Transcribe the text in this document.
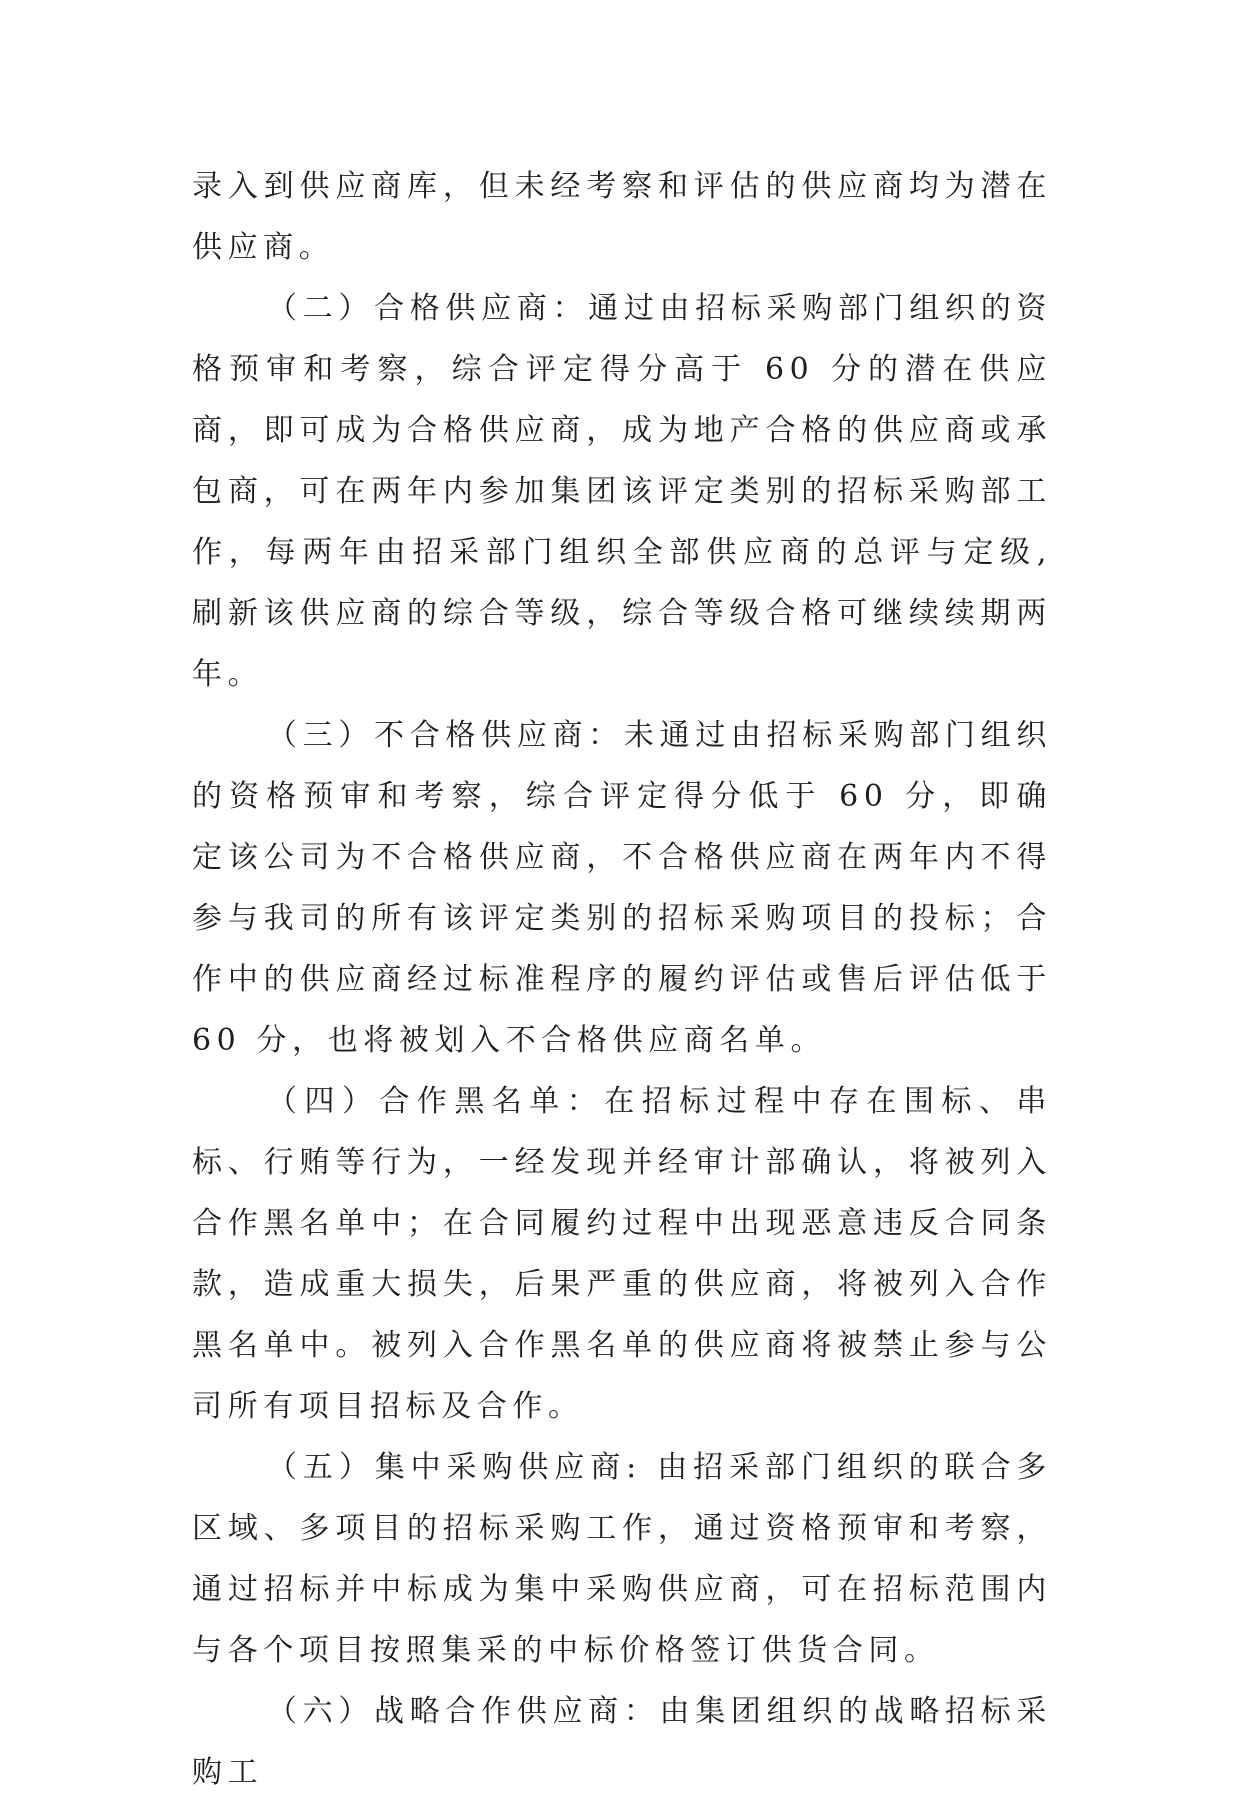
录入到供应商库，但未经考察和评估的供应商均为潜在供应商。

（二）合格供应商：通过由招标采购部门组织的资格预审和考察，综合评定得分高于 60 分的潜在供应商，即可成为合格供应商，成为地产合格的供应商或承包商，可在两年内参加集团该评定类别的招标采购部工作，每两年由招采部门组织全部供应商的总评与定级,刷新该供应商的综合等级，综合等级合格可继续续期两年。

（三）不合格供应商：未通过由招标采购部门组织的资格预审和考察，综合评定得分低于 60 分，即确定该公司为不合格供应商，不合格供应商在两年内不得参与我司的所有该评定类别的招标采购项目的投标；合作中的供应商经过标准程序的履约评估或售后评估低于 60 分，也将被划入不合格供应商名单。

（四）合作黑名单：在招标过程中存在围标、串标、行贿等行为，一经发现并经审计部确认，将被列入合作黑名单中；在合同履约过程中出现恶意违反合同条款，造成重大损失，后果严重的供应商，将被列入合作黑名单中。被列入合作黑名单的供应商将被禁止参与公司所有项目招标及合作。

（五）集中采购供应商: 由招采部门组织的联合多区域、多项目的招标采购工作，通过资格预审和考察，通过招标并中标成为集中采购供应商，可在招标范围内与各个项目按照集采的中标价格签订供货合同。

（六）战略合作供应商：由集团组织的战略招标采购工
